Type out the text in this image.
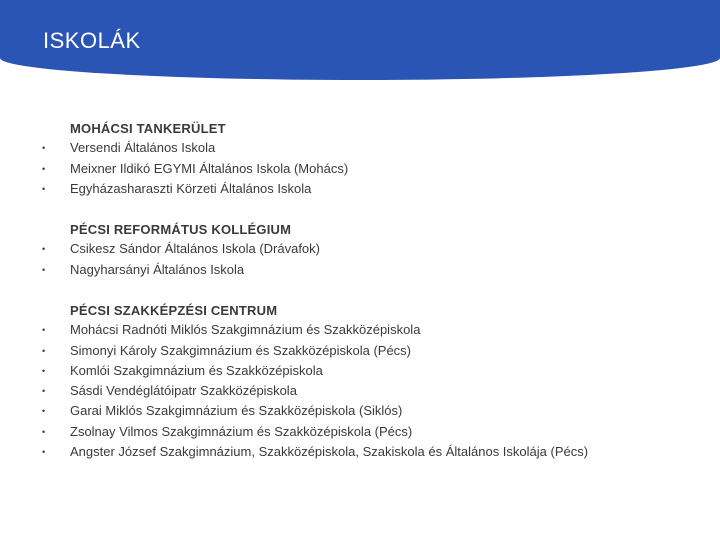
ISKOLÁK
MOHÁCSI TANKERÜLET
• Versendi Általános Iskola
• Meixner Ildikó EGYMI Általános Iskola (Mohács)
• Egyházasharaszti Körzeti Általános Iskola
PÉCSI REFORMÁTUS KOLLÉGIUM
• Csikesz Sándor Általános Iskola (Drávafok)
• Nagyharsányi Általános Iskola
PÉCSI SZAKKÉPZÉSI CENTRUM
• Mohácsi Radnóti Miklós Szakgimnázium és Szakközépiskola
• Simonyi Károly Szakgimnázium és Szakközépiskola (Pécs)
• Komlói Szakgimnázium és Szakközépiskola
• Sásdi Vendéglátóipatr Szakközépiskola
• Garai Miklós Szakgimnázium és Szakközépiskola (Siklós)
• Zsolnay Vilmos Szakgimnázium és Szakközépiskola (Pécs)
• Angster József Szakgimnázium, Szakközépiskola, Szakiskola és Általános Iskolája (Pécs)
